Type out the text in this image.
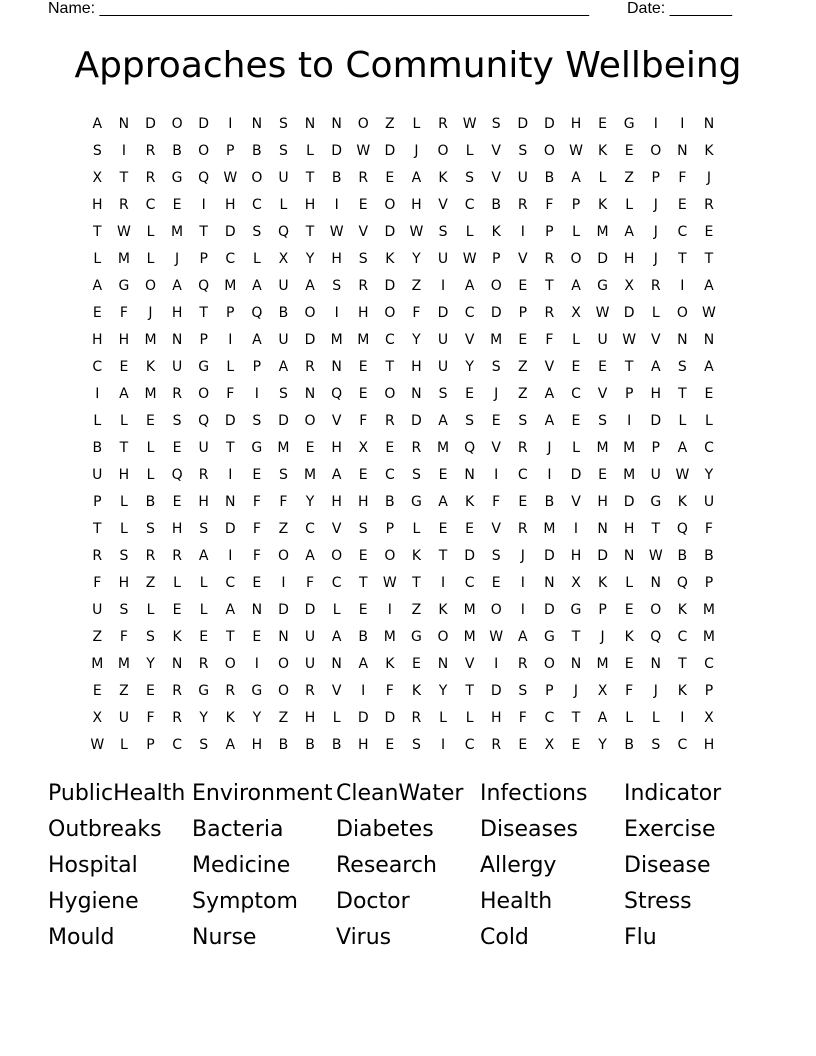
Name: _______________________________________________________ Date: _______
Approaches to Community Wellbeing
A	N	D	O	D	I	N	S	N	N	O	Z	L	R	W	S	D	D	H	E	G	I	I	N
S	I	R	B	O	P	B	S	L	D	W	D	J	O	L	V	S	O	W	K	E	O	N	K
X	T	R	G	Q	W	O	U	T	B	R	E	A	K	S	V	U	B	A	L	Z	P	F	J
H	R	C	E	I	H	C	L	H	I	E	O	H	V	C	B	R	F	P	K	L	J	E	R
T	W	L	M	T	D	S	Q	T	W	V	D	W	S	L	K	I	P	L	M	A	J	C	E
L	M	L	J	P	C	L	X	Y	H	S	K	Y	U	W	P	V	R	O	D	H	J	T	T
A	G	O	A	Q	M	A	U	A	S	R	D	Z	I	A	O	E	T	A	G	X	R	I	A
E	F	J	H	T	P	Q	B	O	I	H	O	F	D	C	D	P	R	X	W	D	L	O	W
H	H	M	N	P	I	A	U	D	M	M	C	Y	U	V	M	E	F	L	U	W	V	N	N
C	E	K	U	G	L	P	A	R	N	E	T	H	U	Y	S	Z	V	E	E	T	A	S	A
I	A	M	R	O	F	I	S	N	Q	E	O	N	S	E	J	Z	A	C	V	P	H	T	E
L	L	E	S	Q	D	S	D	O	V	F	R	D	A	S	E	S	A	E	S	I	D	L	L
B	T	L	E	U	T	G	M	E	H	X	E	R	M	Q	V	R	J	L	M	M	P	A	C
U	H	L	Q	R	I	E	S	M	A	E	C	S	E	N	I	C	I	D	E	M	U	W	Y
P	L	B	E	H	N	F	F	Y	H	H	B	G	A	K	F	E	B	V	H	D	G	K	U
T	L	S	H	S	D	F	Z	C	V	S	P	L	E	E	V	R	M	I	N	H	T	Q	F
R	S	R	R	A	I	F	O	A	O	E	O	K	T	D	S	J	D	H	D	N	W	B	B
F	H	Z	L	L	C	E	I	F	C	T	W	T	I	C	E	I	N	X	K	L	N	Q	P
U	S	L	E	L	A	N	D	D	L	E	I	Z	K	M	O	I	D	G	P	E	O	K	M
Z	F	S	K	E	T	E	N	U	A	B	M	G	O	M W	A	G	T	J	K	Q	C	M
M	M	Y	N	R	O	I	O	U	N	A	K	E	N	V	I	R	O	N	M	E	N	T	C
E	Z	E	R	G	R	G	O	R	V	I	F	K	Y	T	D	S	P	J	X	F	J	K	P
X	U	F	R	Y	K	Y	Z	H	L	D	D	R	L	L	H	F	C	T	A	L	L	I	X
W	L	P	C	S	A	H	B	B	B	H	E	S	I	C	R	E	X	E	Y	B	S	C	H
PublicHealth Environment CleanWater Infections	Indicator
Outbreaks	Bacteria	Diabetes	Diseases	Exercise
Hospital	Medicine	Research	Allergy	Disease
Hygiene	Symptom	Doctor	Health	Stress
Mould	Nurse	Virus	Cold	Flu
